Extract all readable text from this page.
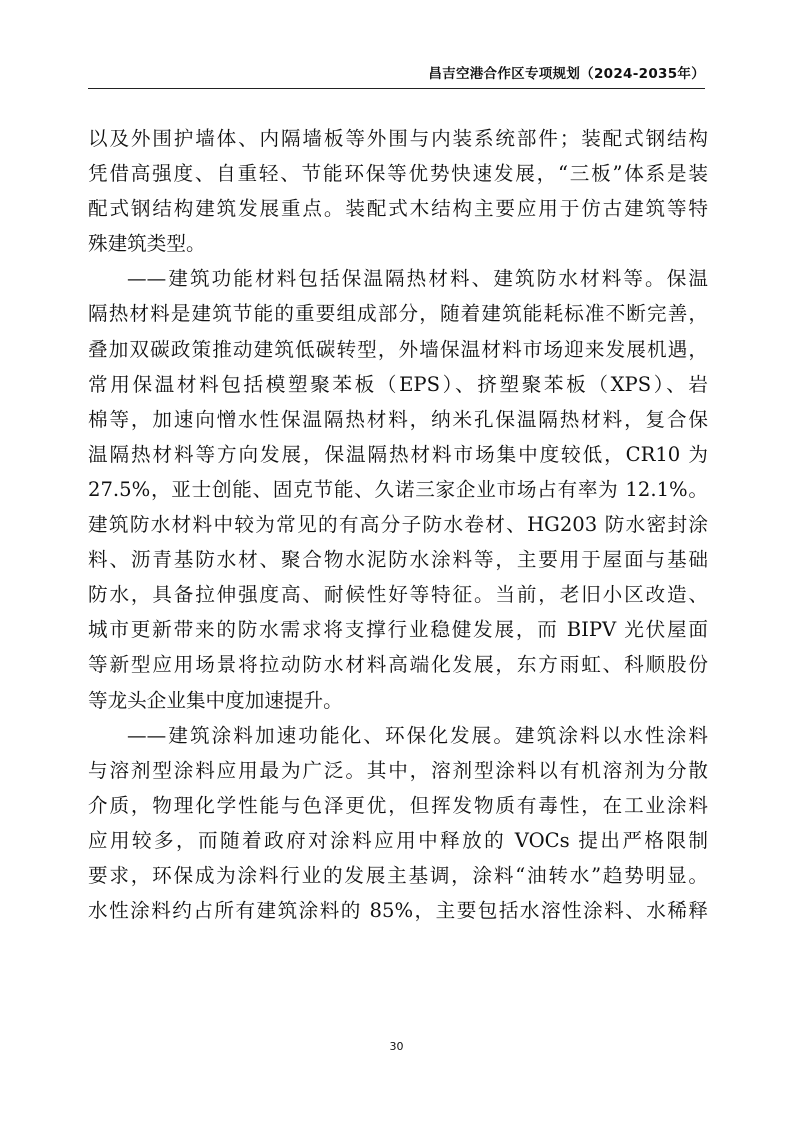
昌吉空港合作区专项规划（2024-2035年）
以及外围护墙体、内隔墙板等外围与内装系统部件；装配式钢结构
凭借高强度、自重轻、节能环保等优势快速发展，“三板”体系是装
配式钢结构建筑发展重点。装配式木结构主要应用于仿古建筑等特
殊建筑类型。
——建筑功能材料包括保温隔热材料、建筑防水材料等。保温
隔热材料是建筑节能的重要组成部分，随着建筑能耗标准不断完善，
叠加双碳政策推动建筑低碳转型，外墙保温材料市场迎来发展机遇，
常用保温材料包括模塑聚苯板（EPS）、挤塑聚苯板（XPS）、岩
棉等，加速向憎水性保温隔热材料，纳米孔保温隔热材料，复合保
温隔热材料等方向发展，保温隔热材料市场集中度较低，CR10 为
27.5%，亚士创能、固克节能、久诺三家企业市场占有率为 12.1%。
建筑防水材料中较为常见的有高分子防水卷材、HG203 防水密封涂
料、沥青基防水材、聚合物水泥防水涂料等，主要用于屋面与基础
防水，具备拉伸强度高、耐候性好等特征。当前，老旧小区改造、
城市更新带来的防水需求将支撑行业稳健发展，而 BIPV 光伏屋面
等新型应用场景将拉动防水材料高端化发展，东方雨虹、科顺股份
等龙头企业集中度加速提升。
——建筑涂料加速功能化、环保化发展。建筑涂料以水性涂料
与溶剂型涂料应用最为广泛。其中，溶剂型涂料以有机溶剂为分散
介质，物理化学性能与色泽更优，但挥发物质有毒性，在工业涂料
应用较多，而随着政府对涂料应用中释放的 VOCs 提出严格限制
要求，环保成为涂料行业的发展主基调，涂料“油转水”趋势明显。
水性涂料约占所有建筑涂料的 85%，主要包括水溶性涂料、水稀释
30
